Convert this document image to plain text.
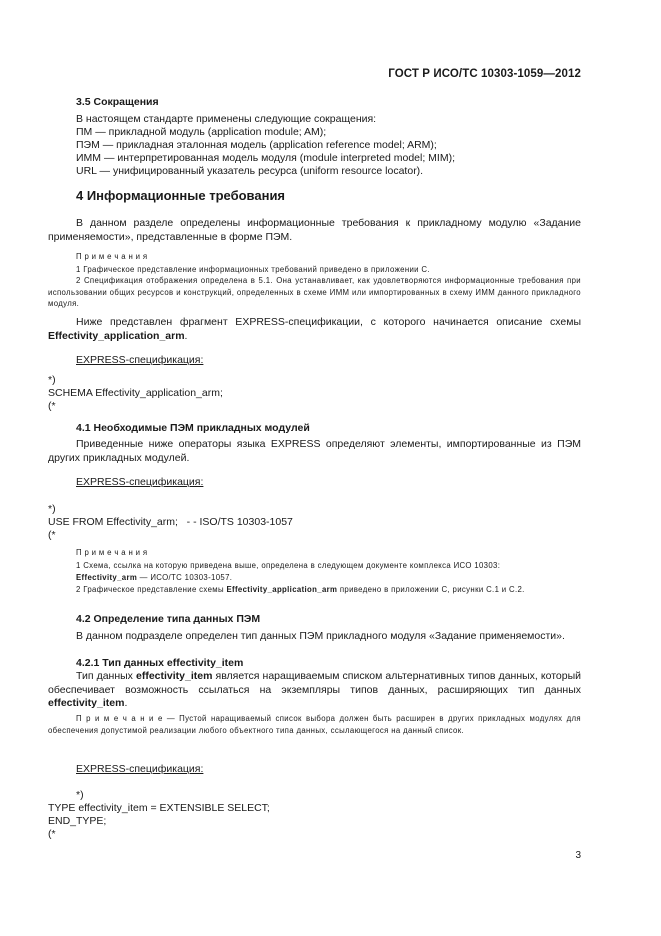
ГОСТ Р ИСО/ТС 10303-1059—2012

3.5 Сокращения

В настоящем стандарте применены следующие сокращения:

ПМ — прикладной модуль (application module; AM);

ПЭМ — прикладная эталонная модель (application reference model; ARM);

ИММ — интерпретированная модель модуля (module interpreted model; MIM);

URL — унифицированный указатель ресурса (uniform resource locator).

4 Информационные требования

В данном разделе определены информационные требования к прикладному модулю «Задание применяемости», представленные в форме ПЭМ.

П р и м е ч а н и я

1 Графическое представление информационных требований приведено в приложении С.

2 Спецификация отображения определена в 5.1. Она устанавливает, как удовлетворяются информационные требования при использовании общих ресурсов и конструкций, определенных в схеме ИММ или импортированных в схему ИММ данного прикладного модуля.

Ниже представлен фрагмент EXPRESS-спецификации, с которого начинается описание схемы Effectivity_application_arm.

EXPRESS-спецификация:

*)

SCHEMA Effectivity_application_arm;

(*

4.1 Необходимые ПЭМ прикладных модулей

Приведенные ниже операторы языка EXPRESS определяют элементы, импортированные из ПЭМ других прикладных модулей.

EXPRESS-спецификация:

*)

USE FROM Effectivity_arm;   - - ISO/TS 10303-1057

(*

П р и м е ч а н и я

1 Схема, ссылка на которую приведена выше, определена в следующем документе комплекса ИСО 10303:

Effectivity_arm — ИСО/ТС 10303-1057.

2 Графическое представление схемы Effectivity_application_arm приведено в приложении С, рисунки С.1 и С.2.

4.2 Определение типа данных ПЭМ

В данном подразделе определен тип данных ПЭМ прикладного модуля «Задание применяемости».

4.2.1 Тип данных effectivity_item

Тип данных effectivity_item является наращиваемым списком альтернативных типов данных, который обеспечивает возможность ссылаться на экземпляры типов данных, расширяющих тип данных effectivity_item.

П р и м е ч а н и е — Пустой наращиваемый список выбора должен быть расширен в других прикладных модулях для обеспечения допустимой реализации любого объектного типа данных, ссылающегося на данный список.

EXPRESS-спецификация:

*)

TYPE effectivity_item = EXTENSIBLE SELECT;

END_TYPE;

(*

3
